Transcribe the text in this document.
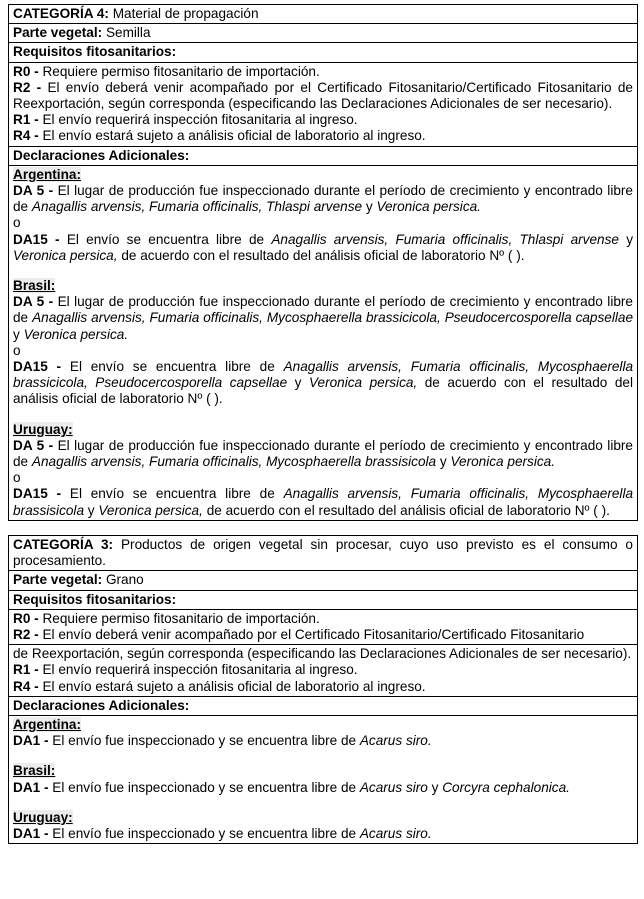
CATEGORÍA 4: Material de propagación
Parte vegetal: Semilla
Requisitos fitosanitarios:

R0 - Requiere permiso fitosanitario de importación.

R2 - El envío deberá venir acompañado por el Certificado Fitosanitario/Certificado Fitosanitario de Reexportación, según corresponda (especificando las Declaraciones Adicionales de ser necesario).

R1 - El envío requerirá inspección fitosanitaria al ingreso.

R4 - El envío estará sujeto a análisis oficial de laboratorio al ingreso.

Declaraciones Adicionales:

Argentina:

DA 5 - El lugar de producción fue inspeccionado durante el período de crecimiento y encontrado libre de Anagallis arvensis, Fumaria officinalis, Thlaspi arvense y Veronica persica.

o

DA15 - El envío se encuentra libre de Anagallis arvensis, Fumaria officinalis, Thlaspi arvense y Veronica persica, de acuerdo con el resultado del análisis oficial de laboratorio Nº ( ).

Brasil:

DA 5 - El lugar de producción fue inspeccionado durante el período de crecimiento y encontrado libre de Anagallis arvensis, Fumaria officinalis, Mycosphaerella brassicicola, Pseudocercosporella capsellae y Veronica persica.

o

DA15 - El envío se encuentra libre de Anagallis arvensis, Fumaria officinalis, Mycosphaerella brassicicola, Pseudocercosporella capsellae y Veronica persica, de acuerdo con el resultado del análisis oficial de laboratorio Nº ( ).

Uruguay:

DA 5 - El lugar de producción fue inspeccionado durante el período de crecimiento y encontrado libre de Anagallis arvensis, Fumaria officinalis, Mycosphaerella brassisicola y Veronica persica.

o

DA15 - El envío se encuentra libre de Anagallis arvensis, Fumaria officinalis, Mycosphaerella brassisicola y Veronica persica, de acuerdo con el resultado del análisis oficial de laboratorio Nº ( ).

CATEGORÍA 3: Productos de origen vegetal sin procesar, cuyo uso previsto es el consumo o procesamiento.
Parte vegetal: Grano
Requisitos fitosanitarios:

R0 - Requiere permiso fitosanitario de importación.

R2 - El envío deberá venir acompañado por el Certificado Fitosanitario/Certificado Fitosanitario

de Reexportación, según corresponda (especificando las Declaraciones Adicionales de ser necesario).

R1 - El envío requerirá inspección fitosanitaria al ingreso.

R4 - El envío estará sujeto a análisis oficial de laboratorio al ingreso.

Declaraciones Adicionales:

Argentina:

DA1 - El envío fue inspeccionado y se encuentra libre de Acarus siro.

Brasil:

DA1 - El envío fue inspeccionado y se encuentra libre de Acarus siro y Corcyra cephalonica.

Uruguay:

DA1 - El envío fue inspeccionado y se encuentra libre de Acarus siro.
